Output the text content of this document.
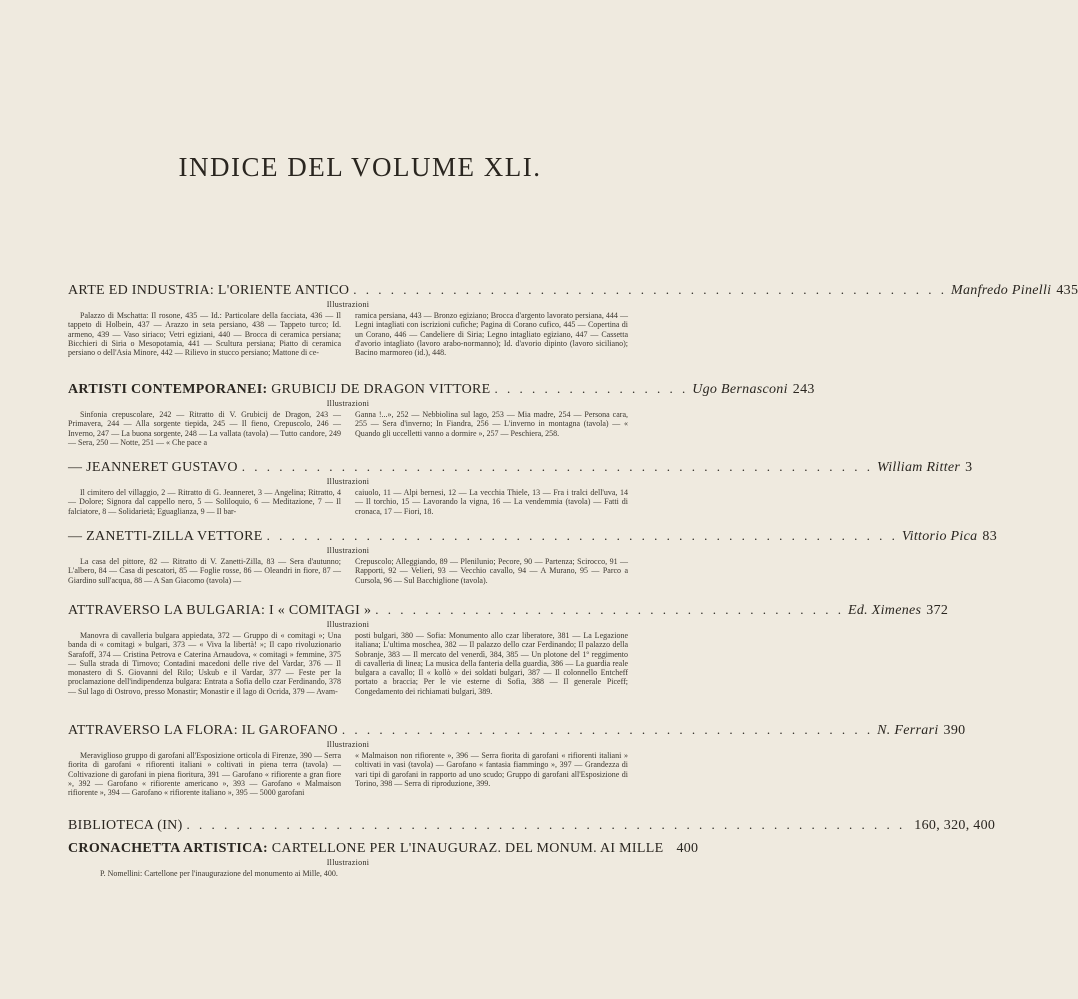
INDICE DEL VOLUME XLI.
ARTE ED INDUSTRIA: L'ORIENTE ANTICO . . . . . . . . . . . . . . . . . . . . . . . . . . . . . . . . . . . . . . . . . . . . . . . . Manfredo Pinelli 435
Illustrazioni
Palazzo di Mschatta: Il rosone, 435 — Id.: Particolare della facciata, 436 — Il tappeto di Holbein, 437 — Arazzo in seta persiano, 438 — Tappeto turco; Id. armeno, 439 — Vaso siriaco; Vetri egiziani, 440 — Brocca di ceramica persiana; Bicchieri di Siria o Mesopotamia, 441 — Scultura persiana; Piatto di ceramica persiano o dell'Asia Minore, 442 — Rilievo in stucco persiano; Mattone di ce-
ramica persiana, 443 — Bronzo egiziano; Brocca d'argento lavorato persiana, 444 — Legni intagliati con iscrizioni cufiche; Pagina di Corano cufico, 445 — Copertina di un Corano, 446 — Candeliere di Siria; Legno intagliato egiziano, 447 — Cassetta d'avorio intagliato (lavoro arabo-normanno); Id. d'avorio dipinto (lavoro siciliano); Bacino marmoreo (id.), 448.
ARTISTI CONTEMPORANEI: GRUBICIJ DE DRAGON VITTORE . . . . . . . . . . . . . . . . Ugo Bernasconi 243
Illustrazioni
Sinfonia crepuscolare, 242 — Ritratto di V. Grubicij de Dragon, 243 — Primavera, 244 — Alla sorgente tiepida, 245 — Il fieno, Crepuscolo, 246 — Inverno, 247 — La buona sorgente, 248 — La vallata (tavola) — Tutto candore, 249 — Sera, 250 — Notte, 251 — « Che pace a
Ganna !...», 252 — Nebbiolina sul lago, 253 — Mia madre, 254 — Persona cara, 255 — Sera d'inverno; In Fiandra, 256 — L'inverno in montagna (tavola) — « Quando gli uccelletti vanno a dormire », 257 — Peschiera, 258.
— JEANNERET GUSTAVO . . . . . . . . . . . . . . . . . . . . . . . . . . . . . . . . . . . . . . . . . . . . . . . . . . . William Ritter 3
Illustrazioni
Il cimitero del villaggio, 2 — Ritratto di G. Jeanneret, 3 — Angelina; Ritratto, 4 — Dolore; Signora dal cappello nero, 5 — Soliloquio, 6 — Meditazione, 7 — Il falciatore, 8 — Solidarietà; Eguaglianza, 9 — Il bar-
caiuolo, 11 — Alpi bernesi, 12 — La vecchia Thiele, 13 — Fra i tralci dell'uva, 14 — Il torchio, 15 — Lavorando la vigna, 16 — La vendemmia (tavola) — Fatti di cronaca, 17 — Fiori, 18.
— ZANETTI-ZILLA VETTORE . . . . . . . . . . . . . . . . . . . . . . . . . . . . . . . . . . . . . . . . . . . . . . . . . . . Vittorio Pica 83
Illustrazioni
La casa del pittore, 82 — Ritratto di V. Zanetti-Zilla, 83 — Sera d'autunno; L'albero, 84 — Casa di pescatori, 85 — Foglie rosse, 86 — Oleandri in fiore, 87 — Giardino sull'acqua, 88 — A San Giacomo (tavola) —
Crepuscolo; Alleggiando, 89 — Plenilunio; Pecore, 90 — Partenza; Scirocco, 91 — Rapporti, 92 — Velieri, 93 — Vecchio cavallo, 94 — A Murano, 95 — Parco a Cursola, 96 — Sul Bacchiglione (tavola).
ATTRAVERSO LA BULGARIA: I « COMITAGI » . . . . . . . . . . . . . . . . . . . . . . . . . . . . . . . . . . . . . . Ed. Ximenes 372
Illustrazioni
Manovra di cavalleria bulgara appiedata, 372 — Gruppo di « comitagi »; Una banda di « comitagi » bulgari, 373 — « Viva la libertà! »; Il capo rivoluzionario Sarafoff, 374 — Cristina Petrova e Caterina Arnaudova, « comitagi » femmine, 375 — Sulla strada di Tirnovo; Contadini macedoni delle rive del Vardar, 376 — Il monastero di S. Giovanni del Rilo; Uskub e il Vardar, 377 — Feste per la proclamazione dell'indipendenza bulgara: Entrata a Sofia dello czar Ferdinando, 378 — Sul lago di Ostrovo, presso Monastir; Monastir e il lago di Ocrida, 379 — Avam-
posti bulgari, 380 — Sofia: Monumento allo czar liberatore, 381 — La Legazione italiana; L'ultima moschea, 382 — Il palazzo dello czar Ferdinando; Il palazzo della Sobranje, 383 — Il mercato del venerdì, 384, 385 — Un plotone del 1º reggimento di cavalleria di linea; La musica della fanteria della guardia, 386 — La guardia reale bulgara a cavallo; Il « kollò » dei soldati bulgari, 387 — Il colonnello Entcheff portato a braccia; Per le vie esterne di Sofia, 388 — Il generale Piceff; Congedamento dei richiamati bulgari, 389.
ATTRAVERSO LA FLORA: IL GAROFANO . . . . . . . . . . . . . . . . . . . . . . . . . . . . . . . . . . . . . . . . . . . N. Ferrari 390
Illustrazioni
Meraviglioso gruppo di garofani all'Esposizione orticola di Firenze, 390 — Serra fiorita di garofani « rifiorenti italiani » coltivati in piena terra (tavola) — Coltivazione di garofani in piena fioritura, 391 — Garofano « rifiorente a gran fiore », 392 — Garofano « rifiorente americano », 393 — Garofano « Malmaison rifiorente », 394 — Garofano « rifiorente italiano », 395 — 5000 garofani
« Malmaison non rifiorente », 396 — Serra fiorita di garofani « rifiorenti italiani » coltivati in vasi (tavola) — Garofano « fantasia fiammingo », 397 — Grandezza di vari tipi di garofani in rapporto ad uno scudo; Gruppo di garofani all'Esposizione di Torino, 398 — Serra di riproduzione, 399.
BIBLIOTECA (IN) . . . . . . . . . . . . . . . . . . . . . . . . . . . . . . . . . . . . . . . . . . . . . . . . . . . . . . . . . . 160, 320, 400
CRONACHETTA ARTISTICA: CARTELLONE PER L'INAUGURAZ. DEL MONUM. AI MILLE 400
Illustrazioni
P. Nomellini: Cartellone per l'inaugurazione del monumento ai Mille, 400.
